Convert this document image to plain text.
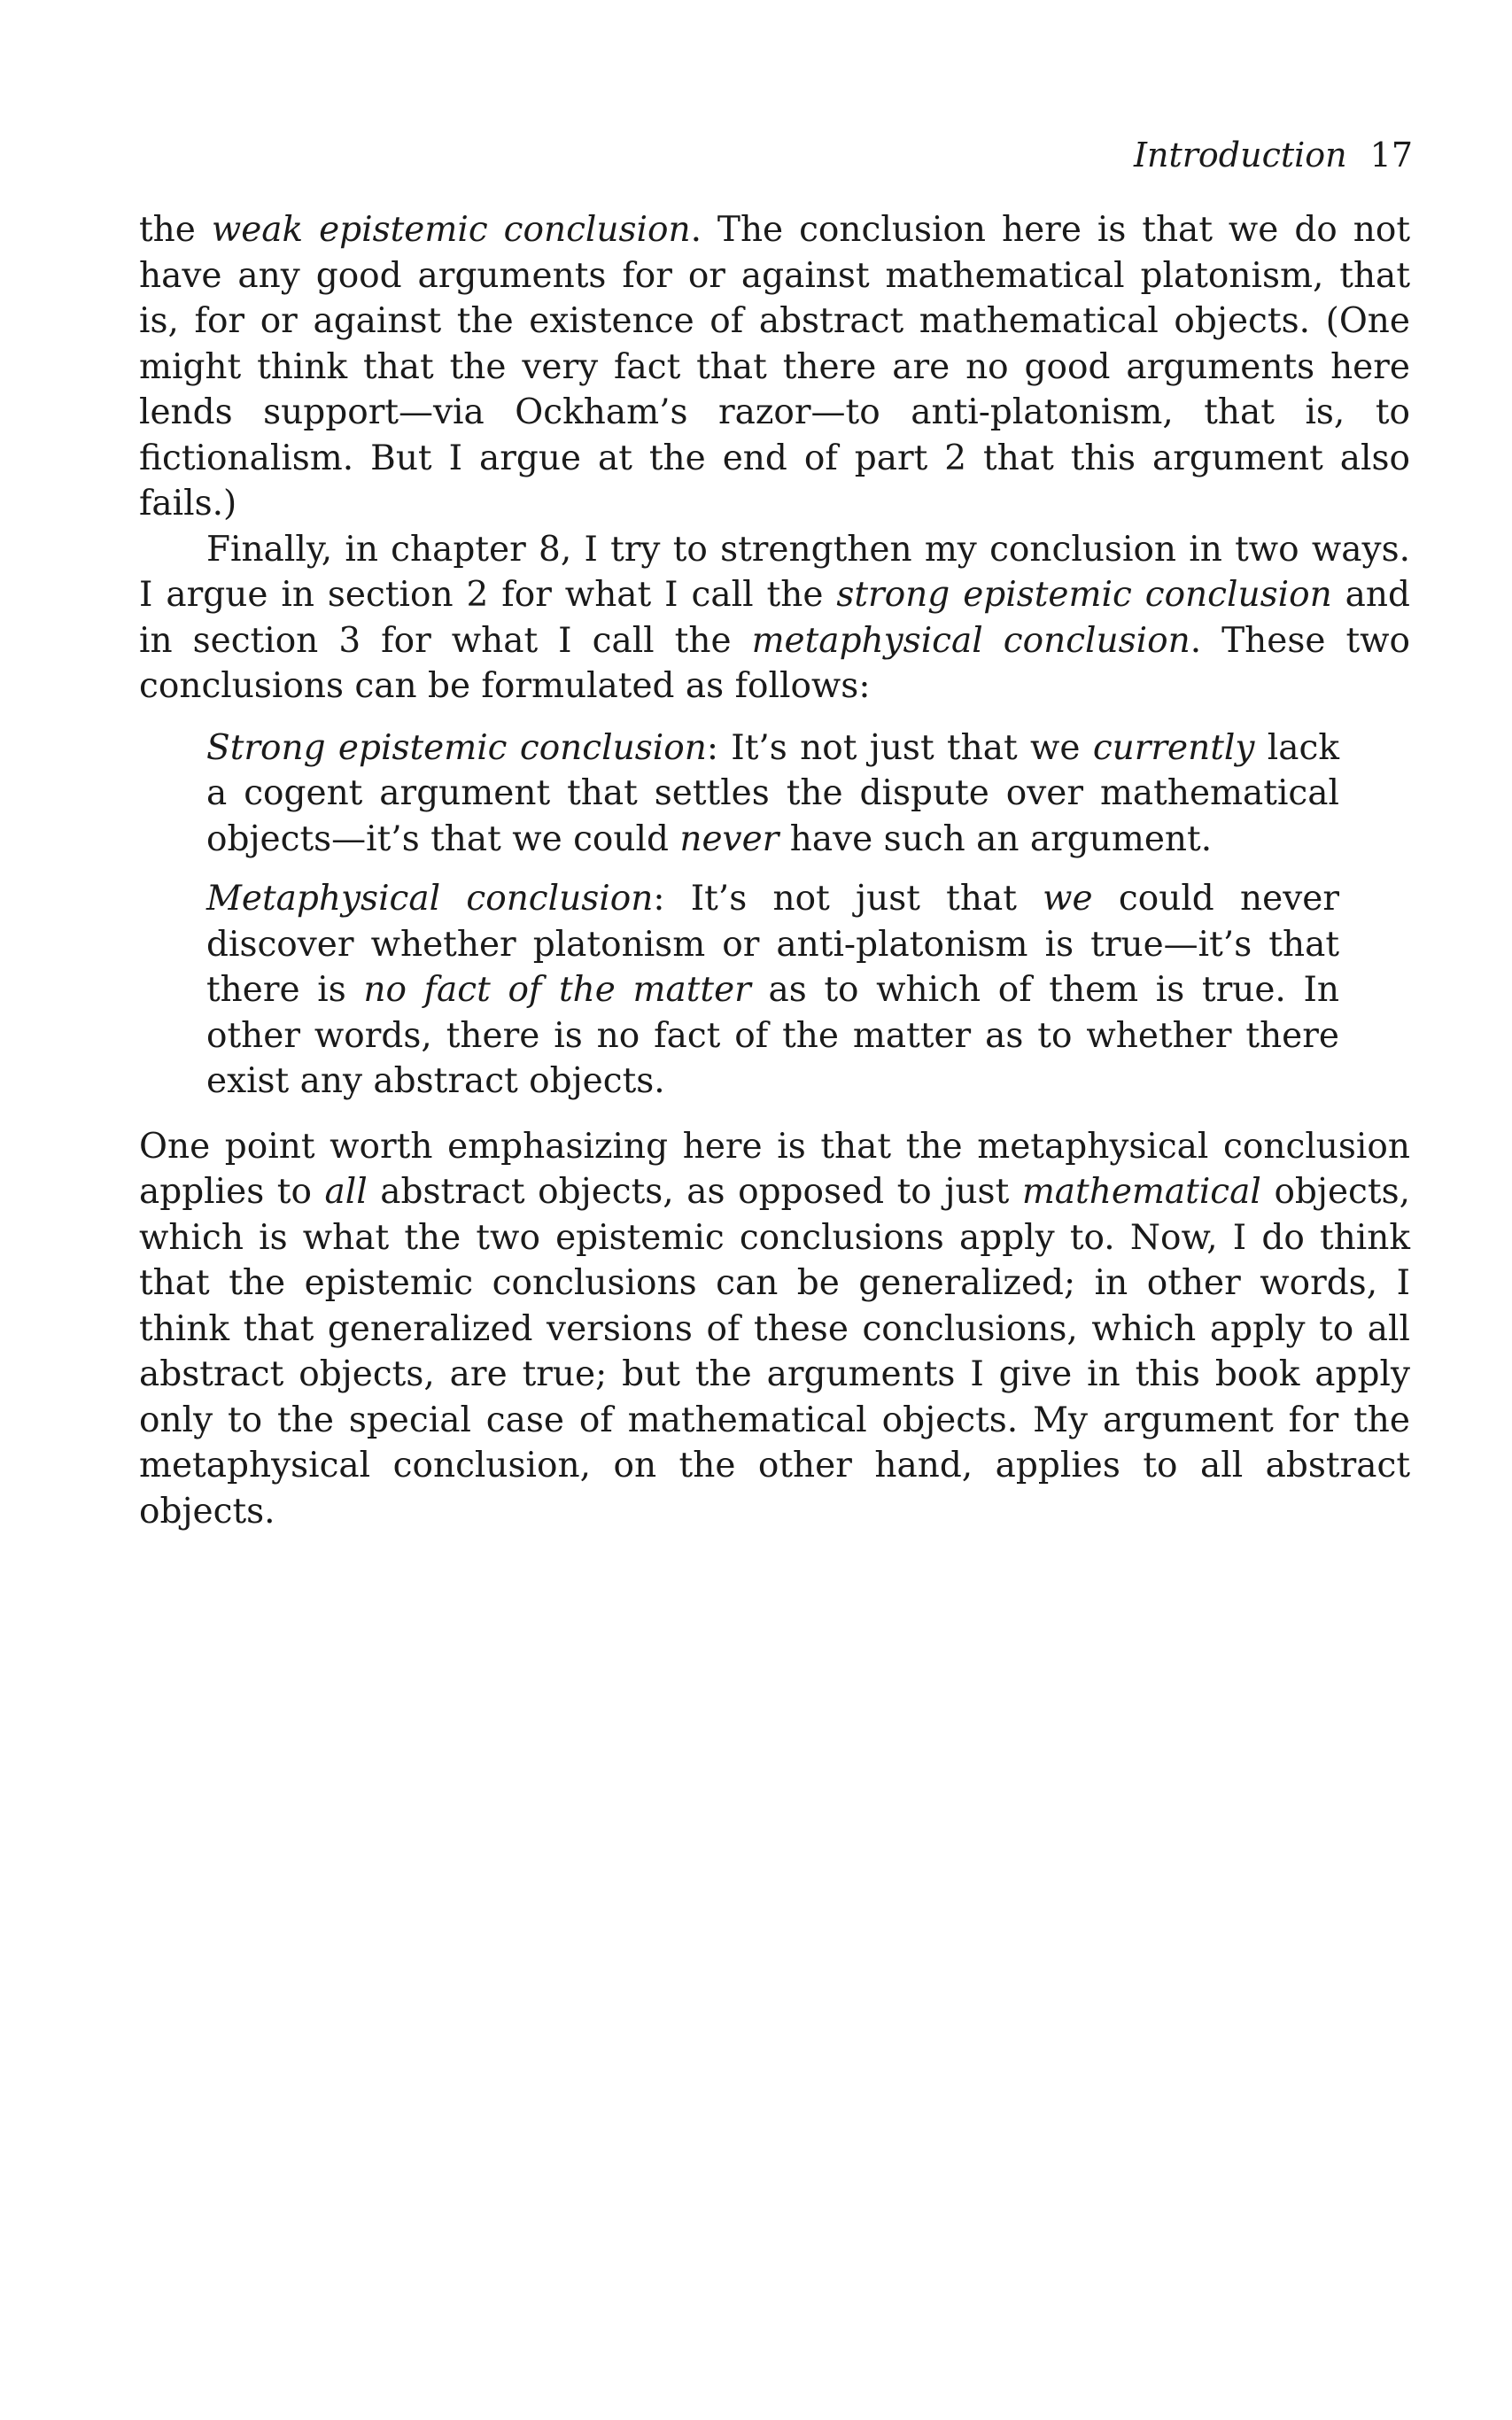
Introduction 17

the weak epistemic conclusion. The conclusion here is that we do not have any good arguments for or against mathematical platonism, that is, for or against the existence of abstract mathematical objects. (One might think that the very fact that there are no good arguments here lends support—via Ockham’s razor—to anti-platonism, that is, to fictionalism. But I argue at the end of part 2 that this argument also fails.)

Finally, in chapter 8, I try to strengthen my conclusion in two ways. I argue in section 2 for what I call the strong epistemic conclusion and in section 3 for what I call the metaphysical conclusion. These two conclusions can be formulated as follows:

Strong epistemic conclusion: It’s not just that we currently lack a cogent argument that settles the dispute over mathematical objects—it’s that we could never have such an argument.

Metaphysical conclusion: It’s not just that we could never discover whether platonism or anti-platonism is true—it’s that there is no fact of the matter as to which of them is true. In other words, there is no fact of the matter as to whether there exist any abstract objects.

One point worth emphasizing here is that the metaphysical conclusion applies to all abstract objects, as opposed to just mathematical objects, which is what the two epistemic conclusions apply to. Now, I do think that the epistemic conclusions can be generalized; in other words, I think that generalized versions of these conclusions, which apply to all abstract objects, are true; but the arguments I give in this book apply only to the special case of mathematical objects. My argument for the metaphysical conclusion, on the other hand, applies to all abstract objects.
